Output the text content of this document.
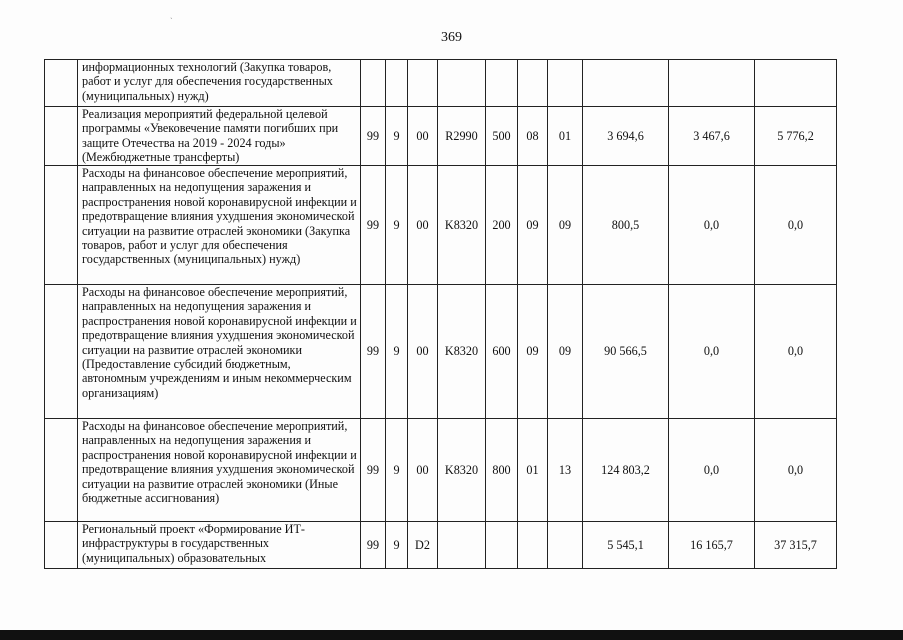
ˏ
369
	информационных технологий (Закупка товаров, работ и услуг для обеспечения государственных (муниципальных) нужд)										
	Реализация мероприятий федеральной целевой программы «Увековечение памяти погибших при защите Отечества на 2019 - 2024 годы» (Межбюджетные трансферты)	99	9	00	R2990	500	08	01	3 694,6	3 467,6	5 776,2
	Расходы на финансовое обеспечение мероприятий, направленных на недопущения заражения и распространения новой коронавирусной инфекции и предотвращение влияния ухудшения экономической ситуации на развитие отраслей экономики (Закупка товаров, работ и услуг для обеспечения государственных (муниципальных) нужд)	99	9	00	K8320	200	09	09	800,5	0,0	0,0
	Расходы на финансовое обеспечение мероприятий, направленных на недопущения заражения и распространения новой коронавирусной инфекции и предотвращение влияния ухудшения экономической ситуации на развитие отраслей экономики (Предоставление субсидий бюджетным, автономным учреждениям и иным некоммерческим организациям)	99	9	00	K8320	600	09	09	90 566,5	0,0	0,0
	Расходы на финансовое обеспечение мероприятий, направленных на недопущения заражения и распространения новой коронавирусной инфекции и предотвращение влияния ухудшения экономической ситуации на развитие отраслей экономики (Иные бюджетные ассигнования)	99	9	00	K8320	800	01	13	124 803,2	0,0	0,0
	Региональный проект «Формирование ИТ-инфраструктуры в государственных (муниципальных) образовательных	99	9	D2					5 545,1	16 165,7	37 315,7
